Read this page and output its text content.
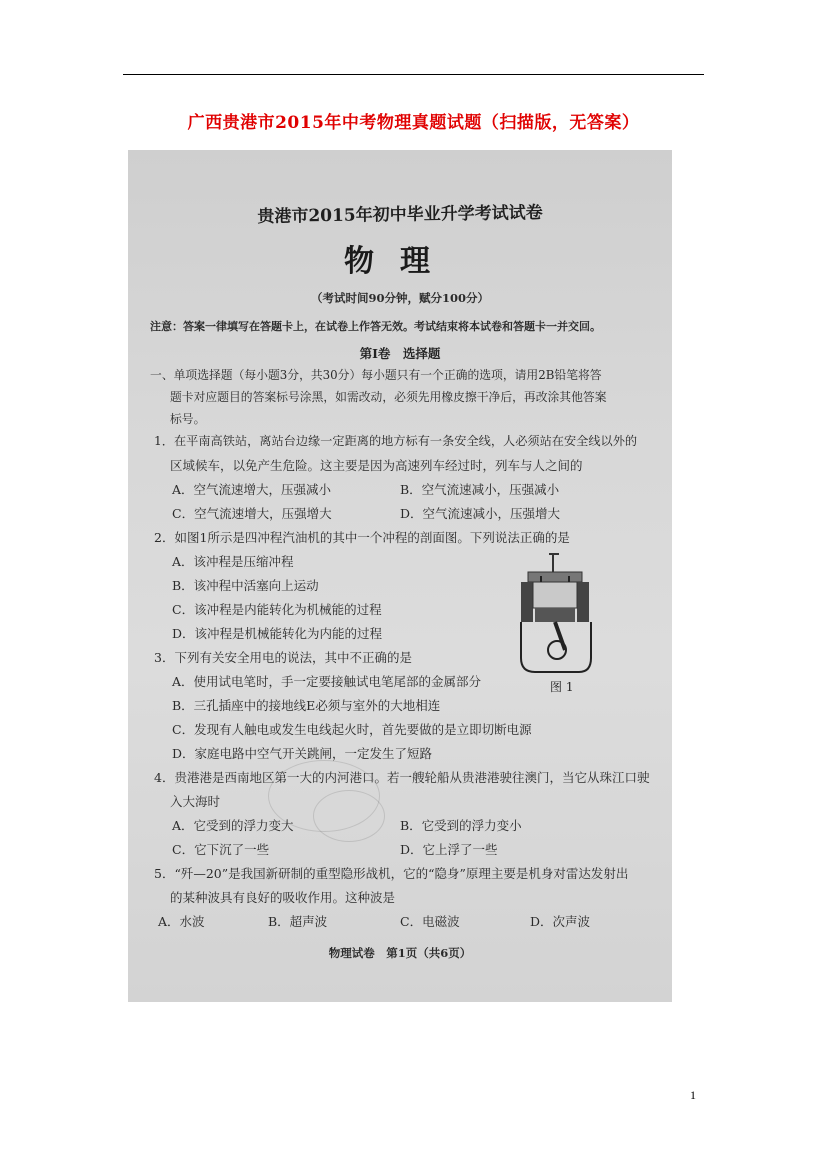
广西贵港市2015年中考物理真题试题（扫描版，无答案）
贵港市2015年初中毕业升学考试试卷
物理
（考试时间90分钟，赋分100分）
注意：答案一律填写在答题卡上，在试卷上作答无效。考试结束将本试卷和答题卡一并交回。
第Ⅰ卷　选择题
一、单项选择题（每小题3分，共30分）每小题只有一个正确的选项，请用2B铅笔将答
题卡对应题目的答案标号涂黑，如需改动，必须先用橡皮擦干净后，再改涂其他答案
标号。
1．在平南高铁站，离站台边缘一定距离的地方标有一条安全线，人必须站在安全线以外的
区域候车，以免产生危险。这主要是因为高速列车经过时，列车与人之间的
A．空气流速增大，压强减小	B．空气流速减小，压强减小
C．空气流速增大，压强增大	D．空气流速减小，压强增大
2．如图1所示是四冲程汽油机的其中一个冲程的剖面图。下列说法正确的是
A．该冲程是压缩冲程
B．该冲程中活塞向上运动
C．该冲程是内能转化为机械能的过程
D．该冲程是机械能转化为内能的过程
图 1
3．下列有关安全用电的说法，其中不正确的是
A．使用试电笔时，手一定要接触试电笔尾部的金属部分
B．三孔插座中的接地线E必须与室外的大地相连
C．发现有人触电或发生电线起火时，首先要做的是立即切断电源
D．家庭电路中空气开关跳闸，一定发生了短路
4．贵港港是西南地区第一大的内河港口。若一艘轮船从贵港港驶往澳门，当它从珠江口驶
入大海时
A．它受到的浮力变大	B．它受到的浮力变小
C．它下沉了一些	D．它上浮了一些
5．“歼—20”是我国新研制的重型隐形战机，它的“隐身”原理主要是机身对雷达发射出
的某种波具有良好的吸收作用。这种波是
A．水波	B．超声波	C．电磁波	D．次声波
物理试卷　第1页（共6页）
1
